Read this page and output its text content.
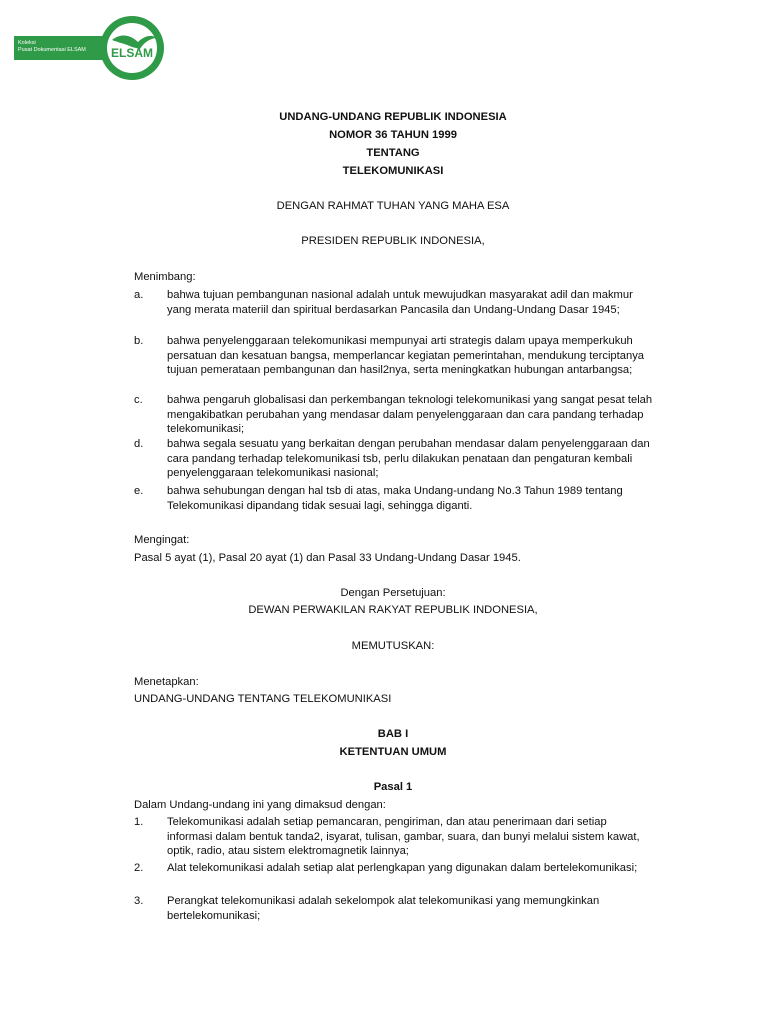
Koleksi
Pusat Dokumentasi ELSAM ELSAM
UNDANG-UNDANG REPUBLIK INDONESIA
NOMOR 36 TAHUN 1999
TENTANG
TELEKOMUNIKASI
DENGAN RAHMAT TUHAN YANG MAHA ESA
PRESIDEN REPUBLIK INDONESIA,
Menimbang:
a.	bahwa tujuan pembangunan nasional adalah untuk mewujudkan masyarakat adil dan makmur yang merata materiil dan spiritual berdasarkan Pancasila dan Undang-Undang Dasar 1945;
b.	bahwa penyelenggaraan telekomunikasi mempunyai arti strategis dalam upaya memperkukuh persatuan dan kesatuan bangsa, memperlancar kegiatan pemerintahan, mendukung terciptanya tujuan pemerataan pembangunan dan hasil2nya, serta meningkatkan hubungan antarbangsa;
c.	bahwa pengaruh globalisasi dan perkembangan teknologi telekomunikasi yang sangat pesat telah mengakibatkan perubahan yang mendasar dalam penyelenggaraan dan cara pandang terhadap telekomunikasi;
d.	bahwa segala sesuatu yang berkaitan dengan perubahan mendasar dalam penyelenggaraan dan cara pandang terhadap telekomunikasi tsb, perlu dilakukan penataan dan pengaturan kembali penyelenggaraan telekomunikasi nasional;
e.	bahwa sehubungan dengan hal tsb di atas, maka Undang-undang No.3 Tahun 1989 tentang Telekomunikasi dipandang tidak sesuai lagi, sehingga diganti.
Mengingat:
Pasal 5 ayat (1), Pasal 20 ayat (1) dan Pasal 33 Undang-Undang Dasar 1945.
Dengan Persetujuan:
DEWAN PERWAKILAN RAKYAT REPUBLIK INDONESIA,
MEMUTUSKAN:
Menetapkan:
UNDANG-UNDANG TENTANG TELEKOMUNIKASI
BAB I
KETENTUAN UMUM
Pasal 1
Dalam Undang-undang ini yang dimaksud dengan:
1.	Telekomunikasi adalah setiap pemancaran, pengiriman, dan atau penerimaan dari setiap informasi dalam bentuk tanda2, isyarat, tulisan, gambar, suara, dan bunyi melalui sistem kawat, optik, radio, atau sistem elektromagnetik lainnya;
2.	Alat telekomunikasi adalah setiap alat perlengkapan yang digunakan dalam bertelekomunikasi;
3.	Perangkat telekomunikasi adalah sekelompok alat telekomunikasi yang memungkinkan bertelekomunikasi;
